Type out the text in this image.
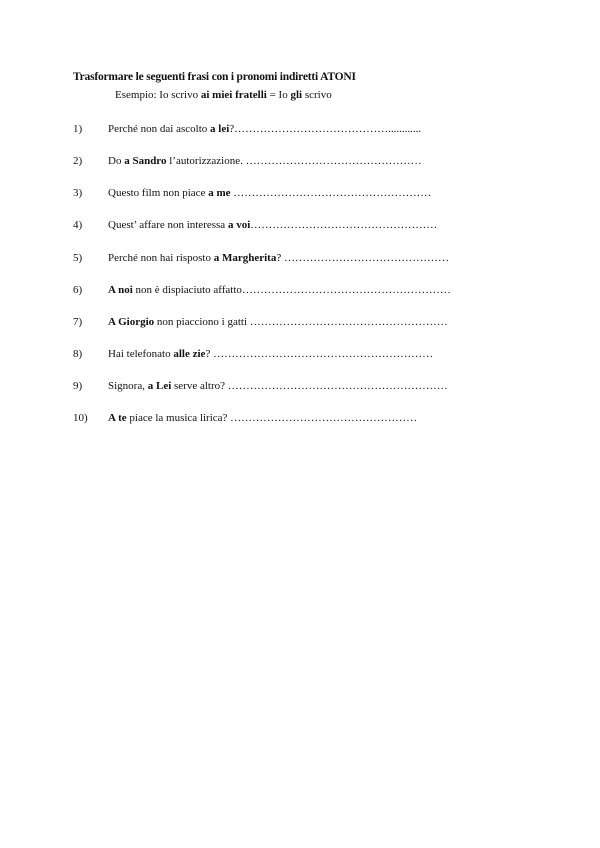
Trasformare le seguenti frasi con i pronomi indiretti ATONI
Esempio: Io scrivo ai miei fratelli = Io gli scrivo
1) Perché non dai ascolto a lei?……………………………………............
2) Do a Sandro l’autorizzazione. …………………………………………
3) Questo film non piace a me ………………………………………………
4) Quest’ affare non interessa a voi……………………………………………
5) Perché non hai risposto a Margherita? ………………………………………
6) A noi non è dispiaciuto affatto…………………………………………………
7) A Giorgio non piacciono i gatti ………………………………………………
8) Hai telefonato alle zie? ……………………………………………………
9) Signora, a Lei serve altro? ……………………………………………………
10) A te piace la musica lirica? ……………………………………………
